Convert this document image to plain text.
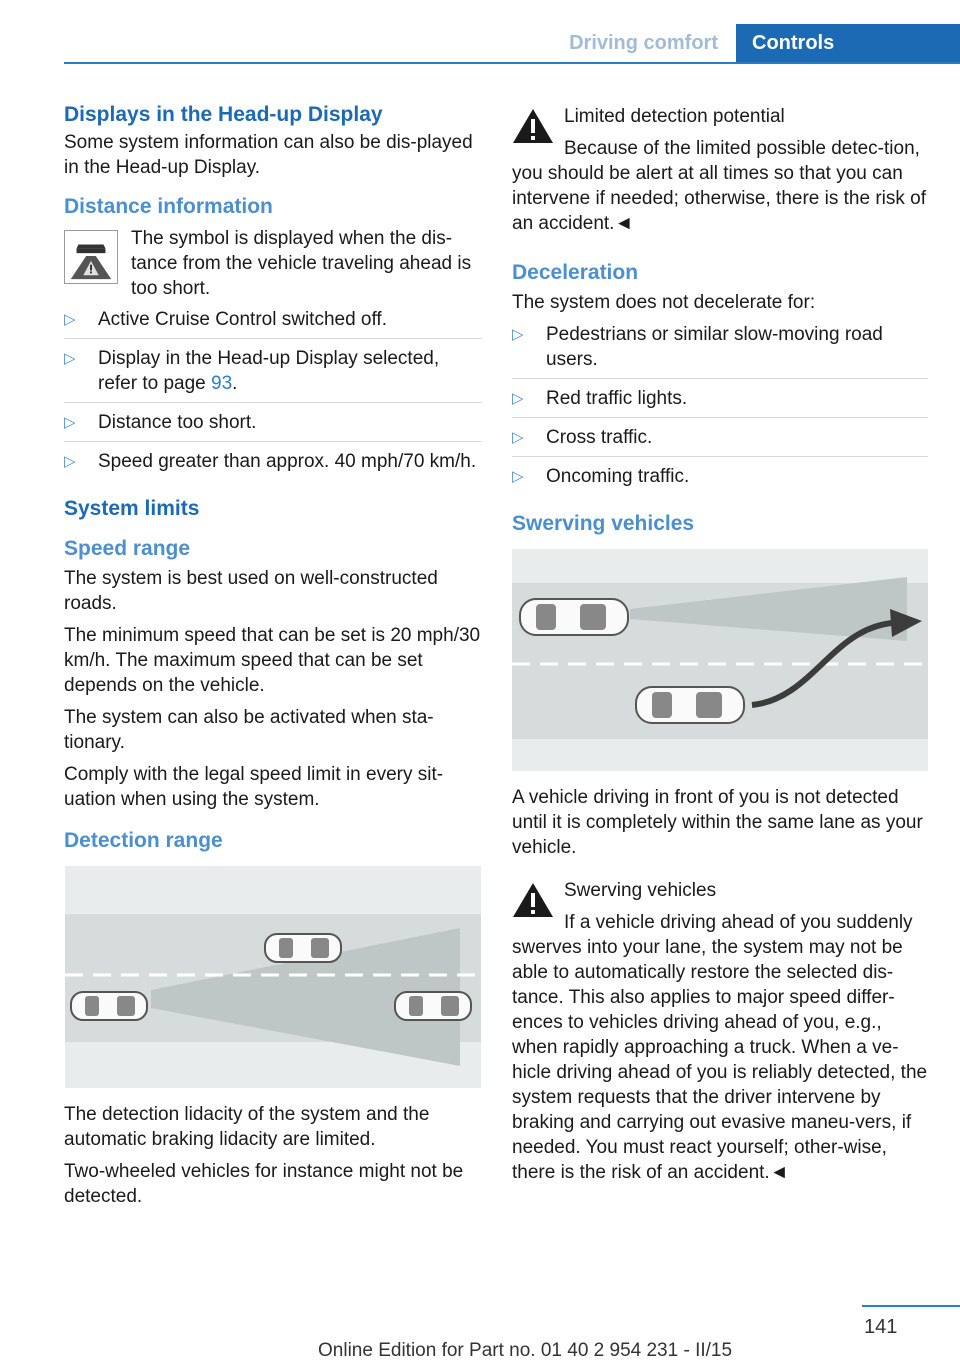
Driving comfort	Controls
Displays in the Head-up Display

Some system information can also be dis-played in the Head-up Display.

Distance information
The symbol is displayed when the dis-tance from the vehicle traveling ahead is too short.
▷ Active Cruise Control switched off.
▷ Display in the Head-up Display selected, refer to page 93.
▷ Distance too short.
▷ Speed greater than approx. 40 mph/70 km/h.
System limits
Speed range

The system is best used on well-constructed roads.

The minimum speed that can be set is 20 mph/30 km/h. The maximum speed that can be set depends on the vehicle.

The system can also be activated when sta-tionary.

Comply with the legal speed limit in every sit-uation when using the system.

Detection range

The detection lidacity of the system and the automatic braking lidacity are limited.

Two-wheeled vehicles for instance might not be detected.

Limited detection potential
Because of the limited possible detec-tion, you should be alert at all times so that you can intervene if needed; otherwise, there is the risk of an accident.◄
Deceleration

The system does not decelerate for:

▷ Pedestrians or similar slow-moving road users.
▷ Red traffic lights.
▷ Cross traffic.
▷ Oncoming traffic.
Swerving vehicles

A vehicle driving in front of you is not detected until it is completely within the same lane as your vehicle.

Swerving vehicles
If a vehicle driving ahead of you suddenly swerves into your lane, the system may not be able to automatically restore the selected dis-tance. This also applies to major speed differ-ences to vehicles driving ahead of you, e.g., when rapidly approaching a truck. When a ve-hicle driving ahead of you is reliably detected, the system requests that the driver intervene by braking and carrying out evasive maneu-vers, if needed. You must react yourself; other-wise, there is the risk of an accident.◄
141
Online Edition for Part no. 01 40 2 954 231 - II/15
